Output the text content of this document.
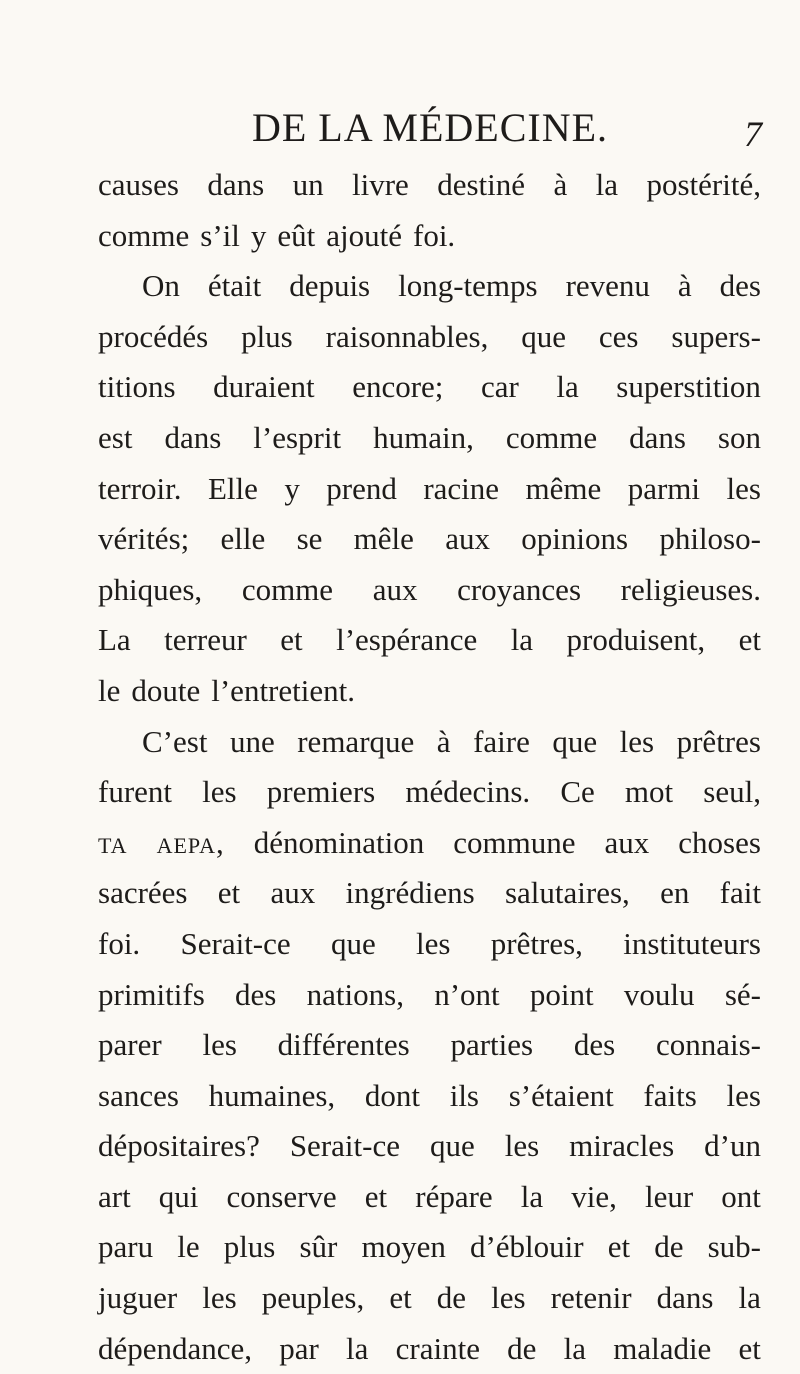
DE LA MÉDECINE.	7
causes dans un livre destiné à la postérité,
comme s’il y eût ajouté foi.
On était depuis long-temps revenu à des
procédés plus raisonnables, que ces supers-
titions duraient encore; car la superstition
est dans l’esprit humain, comme dans son
terroir. Elle y prend racine même parmi les
vérités; elle se mêle aux opinions philoso-
phiques, comme aux croyances religieuses.
La terreur et l’espérance la produisent, et
le doute l’entretient.
C’est une remarque à faire que les prêtres
furent les premiers médecins. Ce mot seul,
τα αερα, dénomination commune aux choses
sacrées et aux ingrédiens salutaires, en fait
foi. Serait-ce que les prêtres, instituteurs
primitifs des nations, n’ont point voulu sé-
parer les différentes parties des connais-
sances humaines, dont ils s’étaient faits les
dépositaires? Serait-ce que les miracles d’un
art qui conserve et répare la vie, leur ont
paru le plus sûr moyen d’éblouir et de sub-
juguer les peuples, et de les retenir dans la
dépendance, par la crainte de la maladie et
